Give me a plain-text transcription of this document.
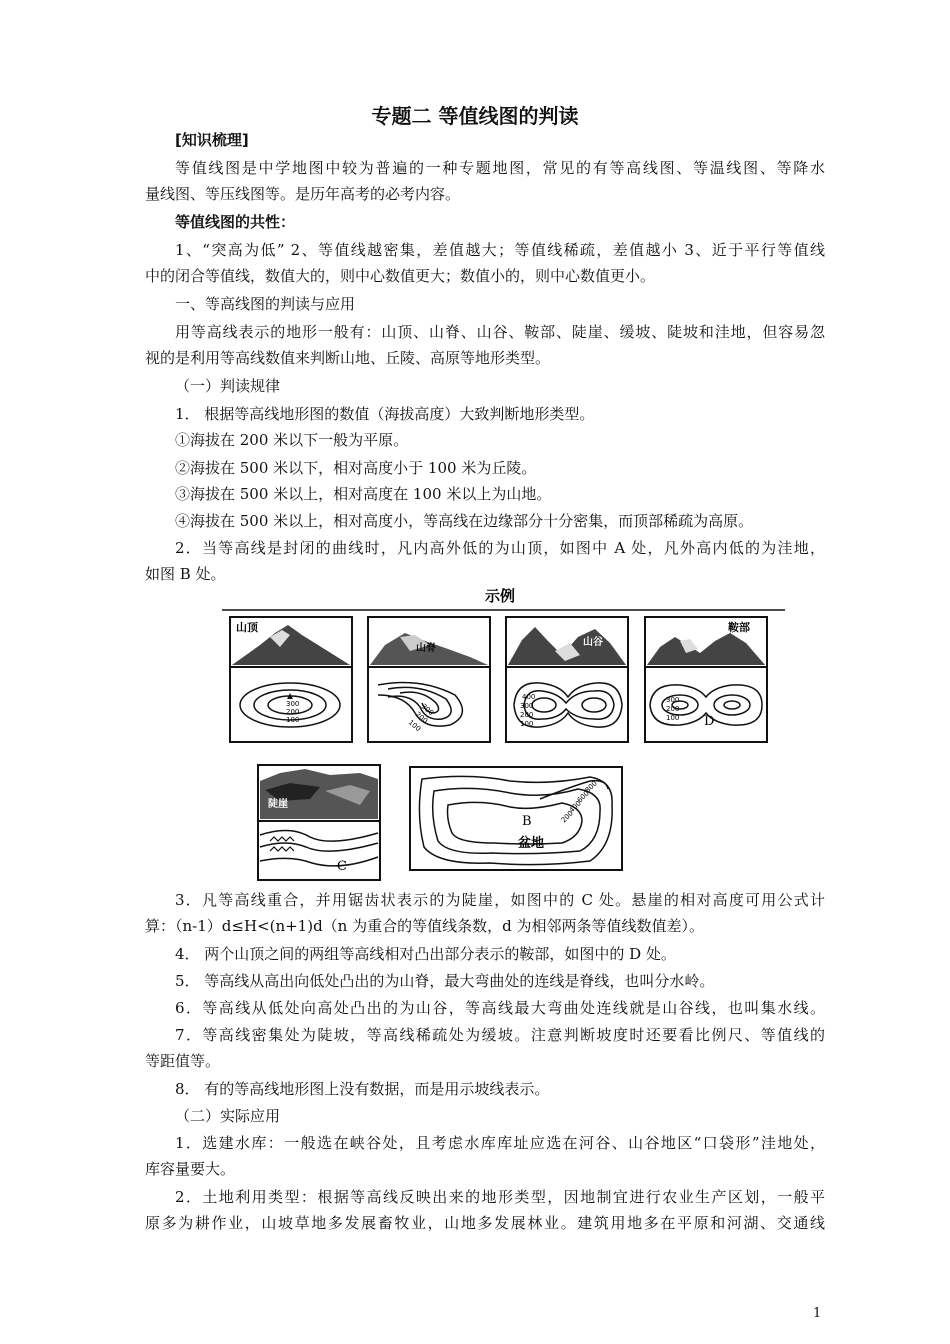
专题二 等值线图的判读
[知识梳理]
等值线图是中学地图中较为普遍的一种专题地图，常见的有等高线图、等温线图、等降水
量线图、等压线图等。是历年高考的必考内容。
等值线图的共性：
1、“突高为低” 2、等值线越密集，差值越大；等值线稀疏，差值越小 3、近于平行等值线
中的闭合等值线，数值大的，则中心数值更大；数值小的，则中心数值更小。
一、等高线图的判读与应用
用等高线表示的地形一般有：山顶、山脊、山谷、鞍部、陡崖、缓坡、陡坡和洼地，但容易忽
视的是利用等高线数值来判断山地、丘陵、高原等地形类型。
（一）判读规律
1． 根据等高线地形图的数值（海拔高度）大致判断地形类型。
①海拔在 200 米以下一般为平原。
②海拔在 500 米以下，相对高度小于 100 米为丘陵。
③海拔在 500 米以上，相对高度在 100 米以上为山地。
④海拔在 500 米以上，相对高度小，等高线在边缘部分十分密集，而顶部稀疏为高原。
2．当等高线是封闭的曲线时，凡内高外低的为山顶，如图中 A 处，凡外高内低的为洼地，
如图 B 处。
示例
山顶
300
200
100
山脊
300
200
100
山谷
400
300
200
100
鞍部
300
200
100 D
陡崖
C
800
600
400
200
B
盆地
3．凡等高线重合，并用锯齿状表示的为陡崖，如图中的 C 处。悬崖的相对高度可用公式计
算：（n-1）d≤H<(n+1)d（n 为重合的等值线条数，d 为相邻两条等值线数值差）。
4． 两个山顶之间的两组等高线相对凸出部分表示的鞍部，如图中的 D 处。
5． 等高线从高出向低处凸出的为山脊，最大弯曲处的连线是脊线，也叫分水岭。
6．等高线从低处向高处凸出的为山谷，等高线最大弯曲处连线就是山谷线，也叫集水线。
7．等高线密集处为陡坡，等高线稀疏处为缓坡。注意判断坡度时还要看比例尺、等值线的
等距值等。
8． 有的等高线地形图上没有数据，而是用示坡线表示。
（二）实际应用
1．选建水库：一般选在峡谷处，且考虑水库库址应选在河谷、山谷地区“口袋形”洼地处，
库容量要大。
2．土地利用类型：根据等高线反映出来的地形类型，因地制宜进行农业生产区划，一般平
原多为耕作业，山坡草地多发展畜牧业，山地多发展林业。建筑用地多在平原和河湖、交通线
1
